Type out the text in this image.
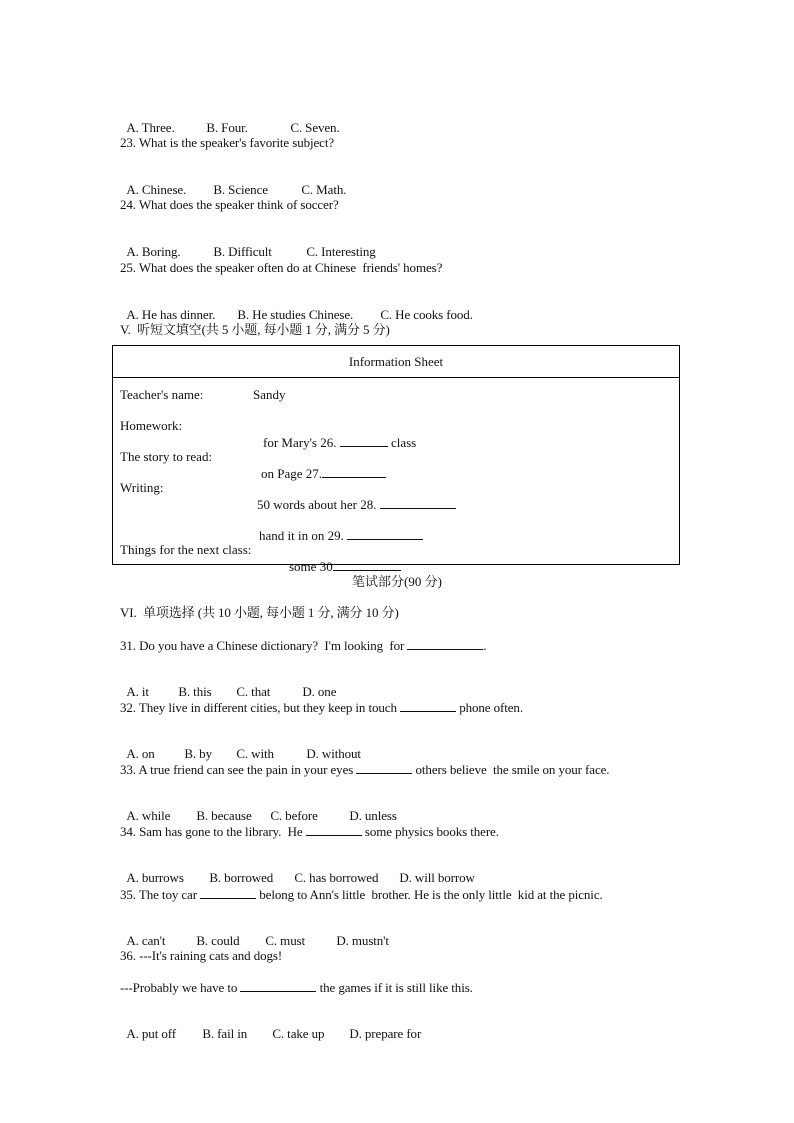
A. Three. B. Four.	C. Seven.

23. What is the speaker's favorite subject?

A. Chinese. B. Science	C. Math.

24. What does the speaker think of soccer?

A. Boring.	B. Difficult	C. Interesting

25. What does the speaker often do at Chinese  friends' homes?

A. He has dinner. B. He studies Chinese. C. He cooks food.

V.  听短文填空(共 5 小题, 每小题 1 分, 满分 5 分)
Information Sheet
Teacher's name:	Sandy
Homework:

for Mary's 26.	class

The story to read:

on Page 27.

Writing:

50 words about her 28.

hand it in on 29.

Things for the next class:

some 30

笔试部分(90 分)
VI.  单项选择 (共 10 小题, 每小题 1 分, 满分 10 分)
31. Do you have a Chinese dictionary?  I'm looking  for	.

A. it B. this C. that D. one

32. They live in different cities, but they keep in touch	phone often.

A. on B. by C. with D. without

33. A true friend can see the pain in your eyes	others believe  the smile on your face.

A. while B. because C. before D. unless

34. Sam has gone to the library.  He	some physics books there.

A. burrows B. borrowed C. has borrowed D. will borrow

35. The toy car	belong to Ann's little  brother. He is the only little  kid at the picnic.

A. can't B. could C. must D. mustn't

36. ---It's raining cats and dogs!
---Probably we have to	the games if it is still like this.

A. put off B. fail in C. take up D. prepare for
